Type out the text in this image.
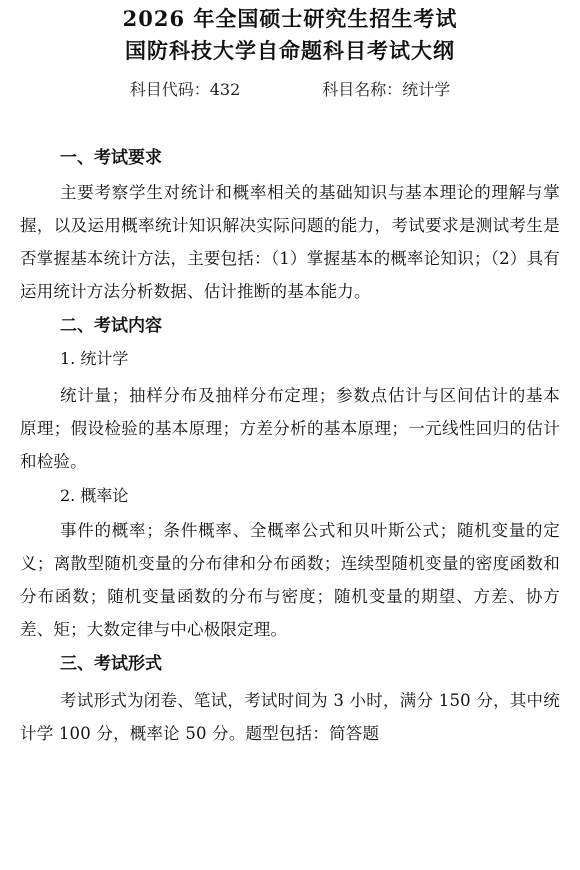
2026 年全国硕士研究生招生考试
国防科技大学自命题科目考试大纲
科目代码：432	科目名称：统计学
一、考试要求

主要考察学生对统计和概率相关的基础知识与基本理论的理解与掌握，以及运用概率统计知识解决实际问题的能力，考试要求是测试考生是否掌握基本统计方法，主要包括：（1）掌握基本的概率论知识；（2）具有运用统计方法分析数据、估计推断的基本能力。

二、考试内容
1. 统计学

统计量；抽样分布及抽样分布定理；参数点估计与区间估计的基本原理；假设检验的基本原理；方差分析的基本原理；一元线性回归的估计和检验。

2. 概率论

事件的概率；条件概率、全概率公式和贝叶斯公式；随机变量的定义；离散型随机变量的分布律和分布函数；连续型随机变量的密度函数和分布函数；随机变量函数的分布与密度；随机变量的期望、方差、协方差、矩；大数定律与中心极限定理。

三、考试形式

考试形式为闭卷、笔试，考试时间为 3 小时，满分 150 分，其中统计学 100 分，概率论 50 分。题型包括：简答题
